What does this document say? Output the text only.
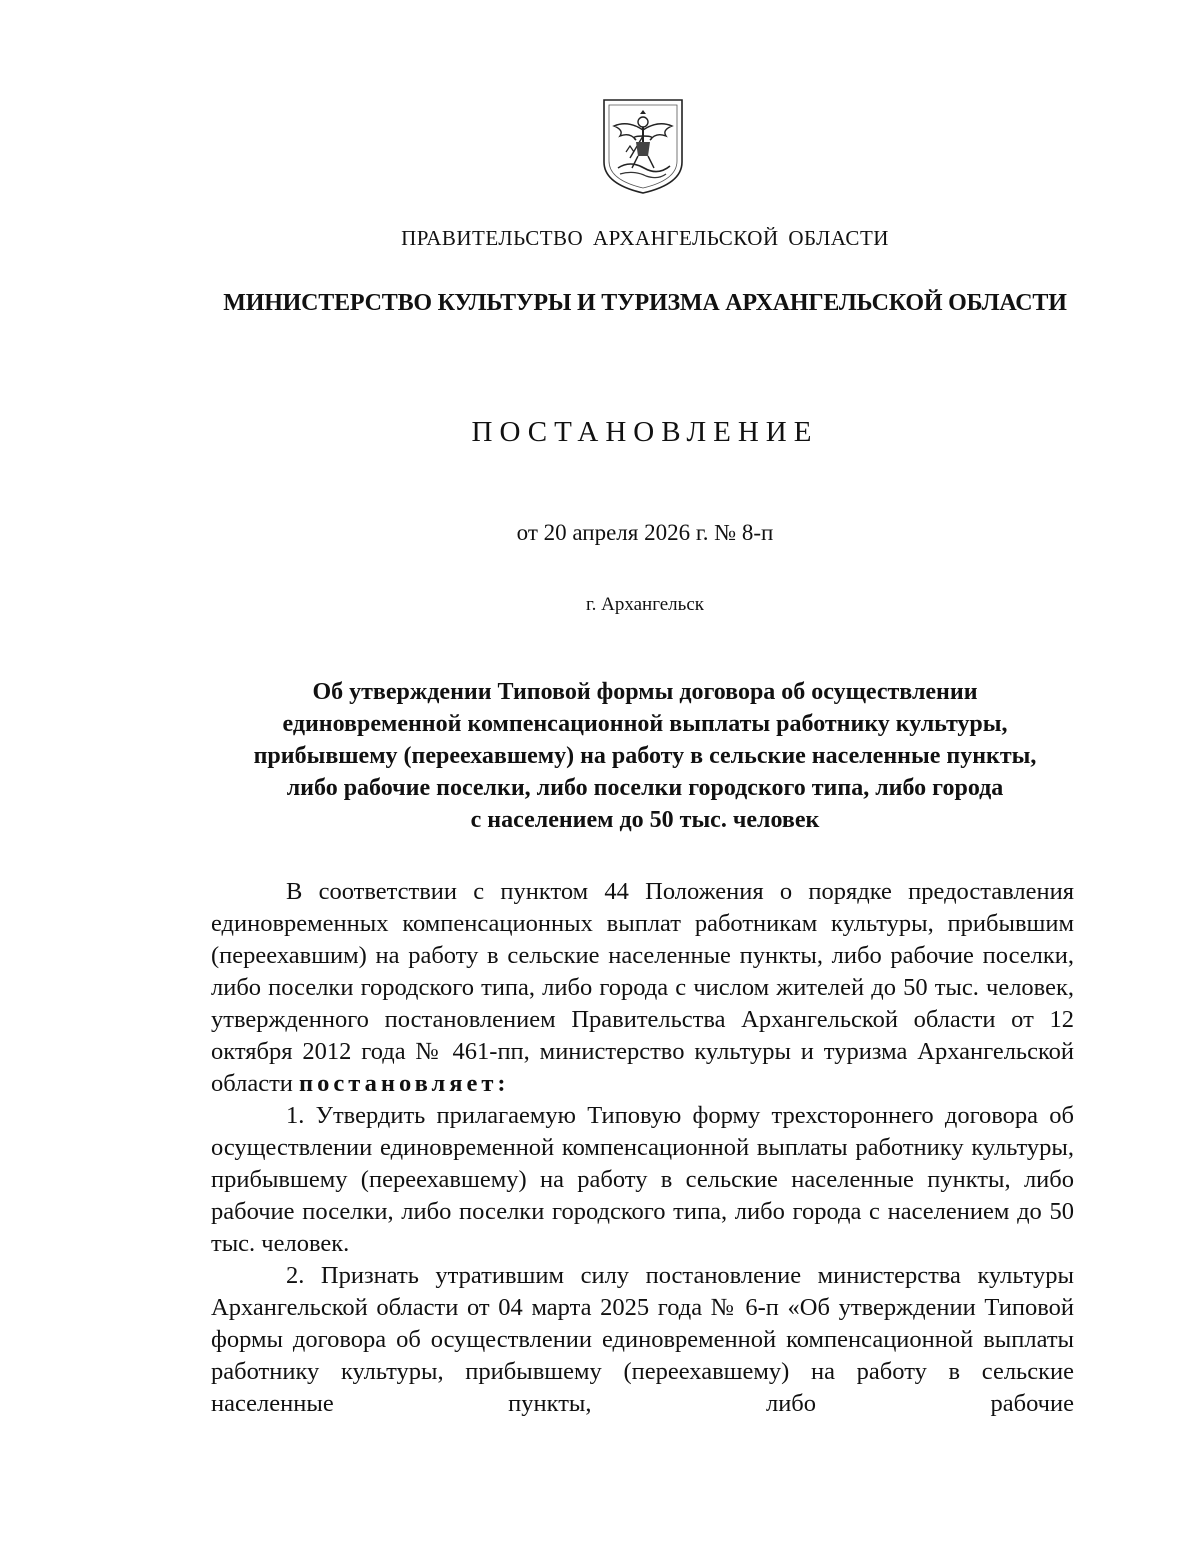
ПРАВИТЕЛЬСТВО АРХАНГЕЛЬСКОЙ ОБЛАСТИ
МИНИСТЕРСТВО КУЛЬТУРЫ И ТУРИЗМА АРХАНГЕЛЬСКОЙ ОБЛАСТИ
ПОСТАНОВЛЕНИЕ
от 20 апреля 2026 г. № 8-п
г. Архангельск
Об утверждении Типовой формы договора об осуществлении
единовременной компенсационной выплаты работнику культуры,
прибывшему (переехавшему) на работу в сельские населенные пункты,
либо рабочие поселки, либо поселки городского типа, либо города
с населением до 50 тыс. человек

В соответствии с пунктом 44 Положения о порядке предоставления единовременных компенсационных выплат работникам культуры, прибывшим (переехавшим) на работу в сельские населенные пункты, либо рабочие поселки, либо поселки городского типа, либо города с числом жителей до 50 тыс. человек, утвержденного постановлением Правительства Архангельской области от 12 октября 2012 года № 461-пп, министерство культуры и туризма Архангельской области постановляет:

1. Утвердить прилагаемую Типовую форму трехстороннего договора об осуществлении единовременной компенсационной выплаты работнику культуры, прибывшему (переехавшему) на работу в сельские населенные пункты, либо рабочие поселки, либо поселки городского типа, либо города с населением до 50 тыс. человек.

2. Признать утратившим силу постановление министерства культуры Архангельской области от 04 марта 2025 года № 6-п «Об утверждении Типовой формы договора об осуществлении единовременной компенсационной выплаты работнику культуры, прибывшему (переехавшему) на работу в сельские населенные пункты, либо рабочие
